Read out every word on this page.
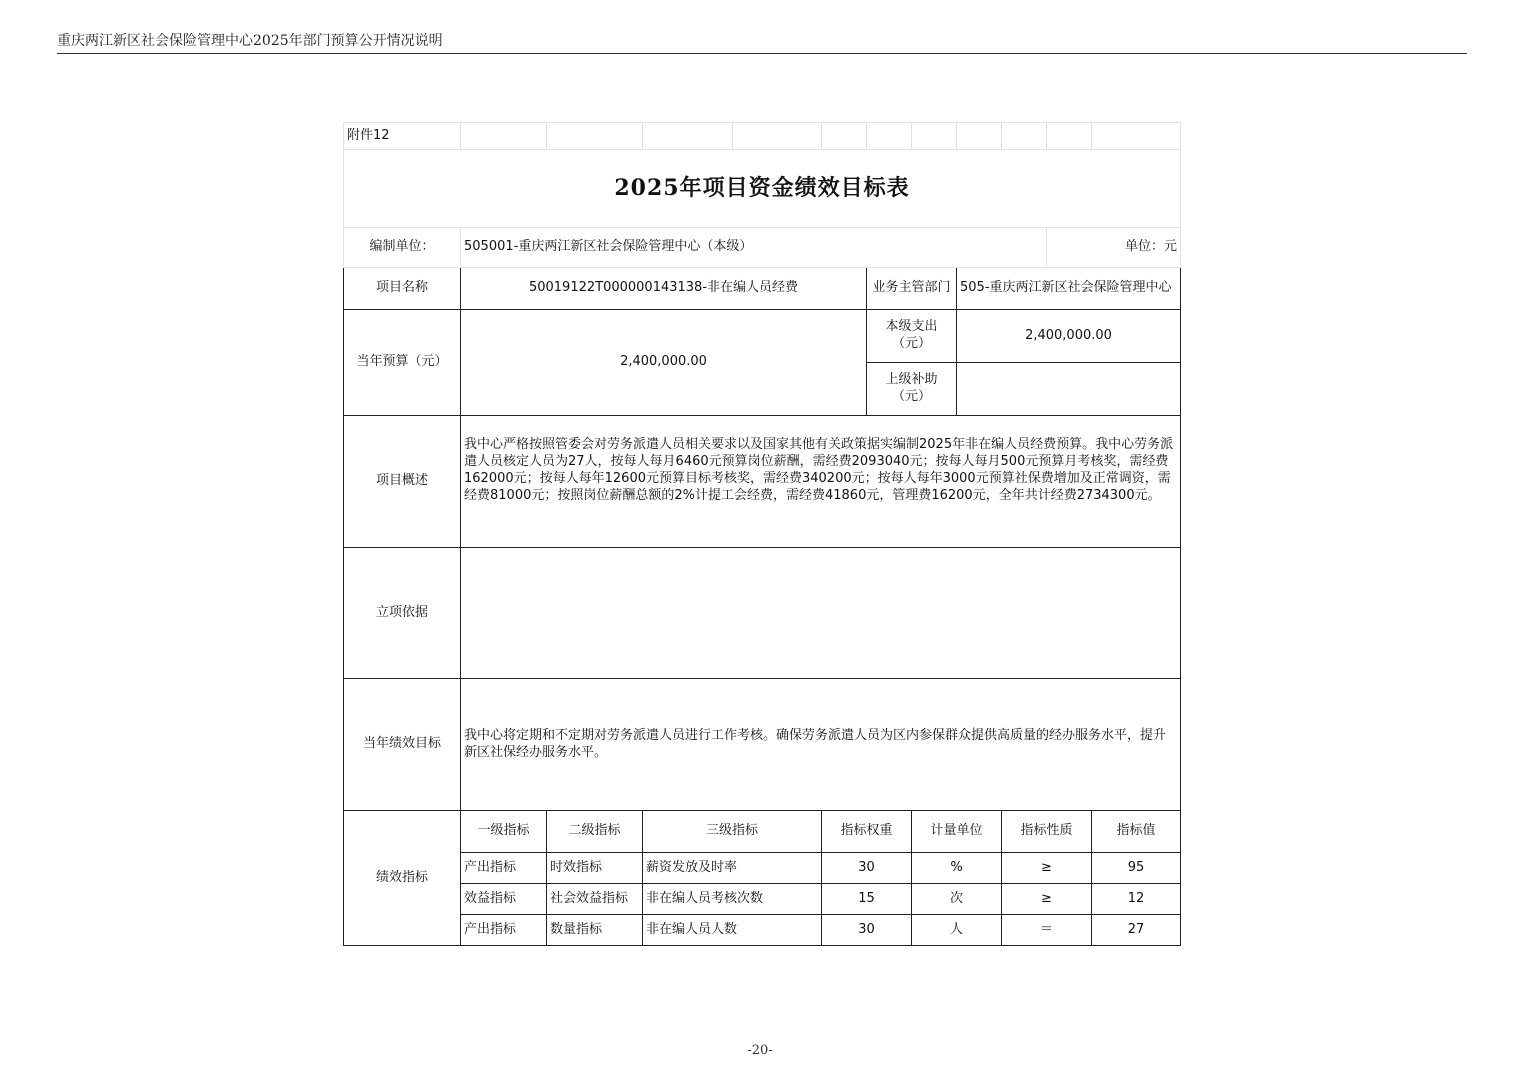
重庆两江新区社会保险管理中心2025年部门预算公开情况说明
附件12											
2025年项目资金绩效目标表											
编制单位：	505001-重庆两江新区社会保险管理中心（本级）									单位：元	
项目名称	50019122T000000143138-非在编人员经费					业务主管部门		505-重庆两江新区社会保险管理中心			
当年预算（元）	2,400,000.00					本级支出（元）		2,400,000.00			
						上级补助（元）					
项目概述	我中心严格按照管委会对劳务派遣人员相关要求以及国家其他有关政策据实编制2025年非在编人员经费预算。我中心劳务派遣人员核定人员为27人，按每人每月6460元预算岗位薪酬，需经费2093040元；按每人每月500元预算月考核奖，需经费162000元；按每人每年12600元预算目标考核奖，需经费340200元；按每人每年3000元预算社保费增加及正常调资，需经费81000元；按照岗位薪酬总额的2%计提工会经费，需经费41860元，管理费16200元，全年共计经费2734300元。										
立项依据											
当年绩效目标	我中心将定期和不定期对劳务派遣人员进行工作考核。确保劳务派遣人员为区内参保群众提供高质量的经办服务水平，提升新区社保经办服务水平。										
绩效指标	一级指标	二级指标	三级指标		指标权重		计量单位		指标性质		指标值
	产出指标	时效指标	薪资发放及时率		30		%		≥		95
	效益指标	社会效益指标	非在编人员考核次数		15		次		≥		12
	产出指标	数量指标	非在编人员人数		30		人		＝		27
-20-
